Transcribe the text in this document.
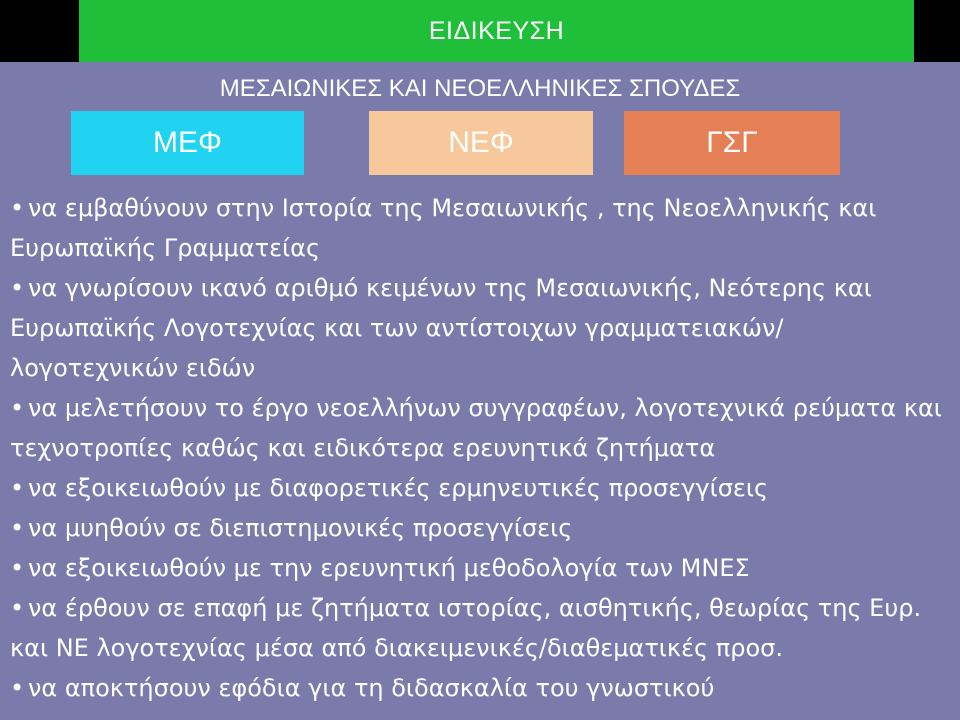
ΕΙΔΙΚΕΥΣΗ
ΜΕΣΑΙΩΝΙΚΕΣ ΚΑΙ ΝΕΟΕΛΛΗΝΙΚΕΣ ΣΠΟΥΔΕΣ
ΜΕΦ	ΝΕΦ	ΓΣΓ

• να εμβαθύνουν στην Ιστορία της Μεσαιωνικής , της Νεοελληνικής και Ευρωπαϊκής Γραμματείας

• να γνωρίσουν ικανό αριθμό κειμένων της Μεσαιωνικής, Νεότερης και Ευρωπαϊκής Λογοτεχνίας και των αντίστοιχων γραμματειακών/ λογοτεχνικών ειδών

• να μελετήσουν το έργο νεοελλήνων συγγραφέων, λογοτεχνικά ρεύματα και τεχνοτροπίες καθώς και ειδικότερα ερευνητικά ζητήματα

• να εξοικειωθούν με διαφορετικές ερμηνευτικές προσεγγίσεις

• να μυηθούν σε διεπιστημονικές προσεγγίσεις

• να εξοικειωθούν με την ερευνητική μεθοδολογία των ΜΝΕΣ

• να έρθουν σε επαφή με ζητήματα ιστορίας, αισθητικής, θεωρίας της Ευρ. και ΝΕ λογοτεχνίας μέσα από διακειμενικές/διαθεματικές προσ.

• να αποκτήσουν εφόδια για τη διδασκαλία του γνωστικού
